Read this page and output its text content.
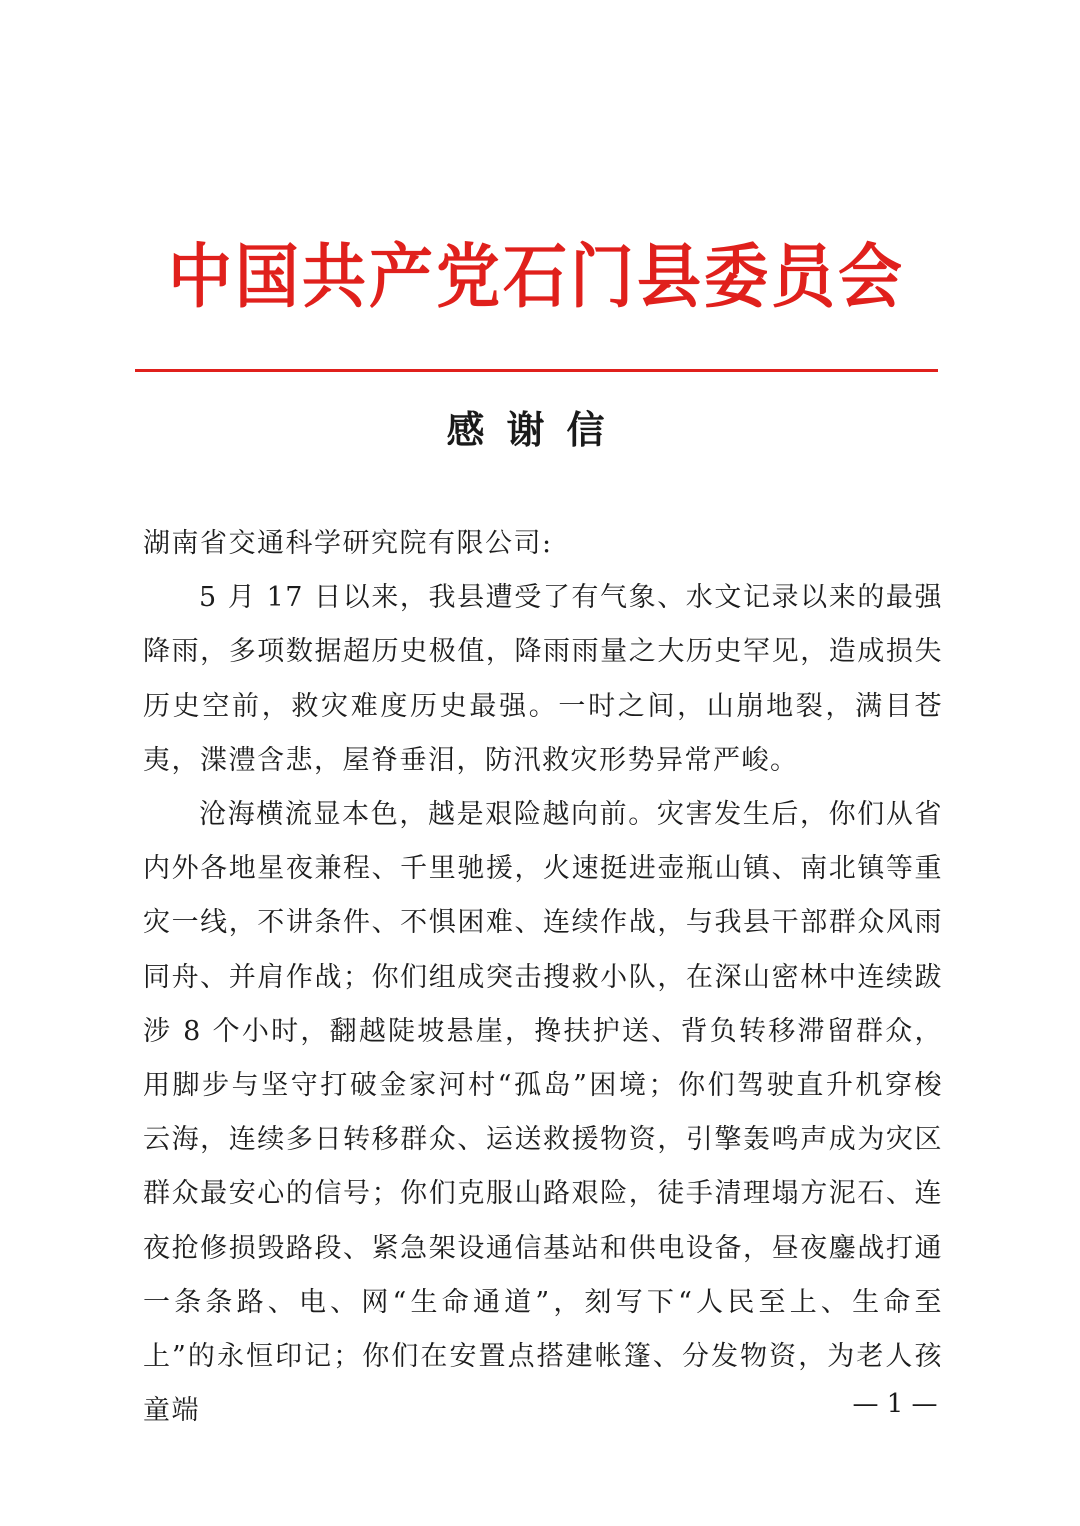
中国共产党石门县委员会
感谢信

湖南省交通科学研究院有限公司:

5 月 17 日以来，我县遭受了有气象、水文记录以来的最强降雨，多项数据超历史极值，降雨雨量之大历史罕见，造成损失历史空前，救灾难度历史最强。一时之间，山崩地裂，满目苍夷，渫澧含悲，屋脊垂泪，防汛救灾形势异常严峻。

沧海横流显本色，越是艰险越向前。灾害发生后，你们从省内外各地星夜兼程、千里驰援，火速挺进壶瓶山镇、南北镇等重灾一线，不讲条件、不惧困难、连续作战，与我县干部群众风雨同舟、并肩作战；你们组成突击搜救小队，在深山密林中连续跋涉 8 个小时，翻越陡坡悬崖，搀扶护送、背负转移滞留群众，用脚步与坚守打破金家河村“孤岛”困境；你们驾驶直升机穿梭云海，连续多日转移群众、运送救援物资，引擎轰鸣声成为灾区群众最安心的信号；你们克服山路艰险，徒手清理塌方泥石、连夜抢修损毁路段、紧急架设通信基站和供电设备，昼夜鏖战打通一条条路、电、网“生命通道”，刻写下“人民至上、生命至上”的永恒印记；你们在安置点搭建帐篷、分发物资，为老人孩童端	— 1 —
